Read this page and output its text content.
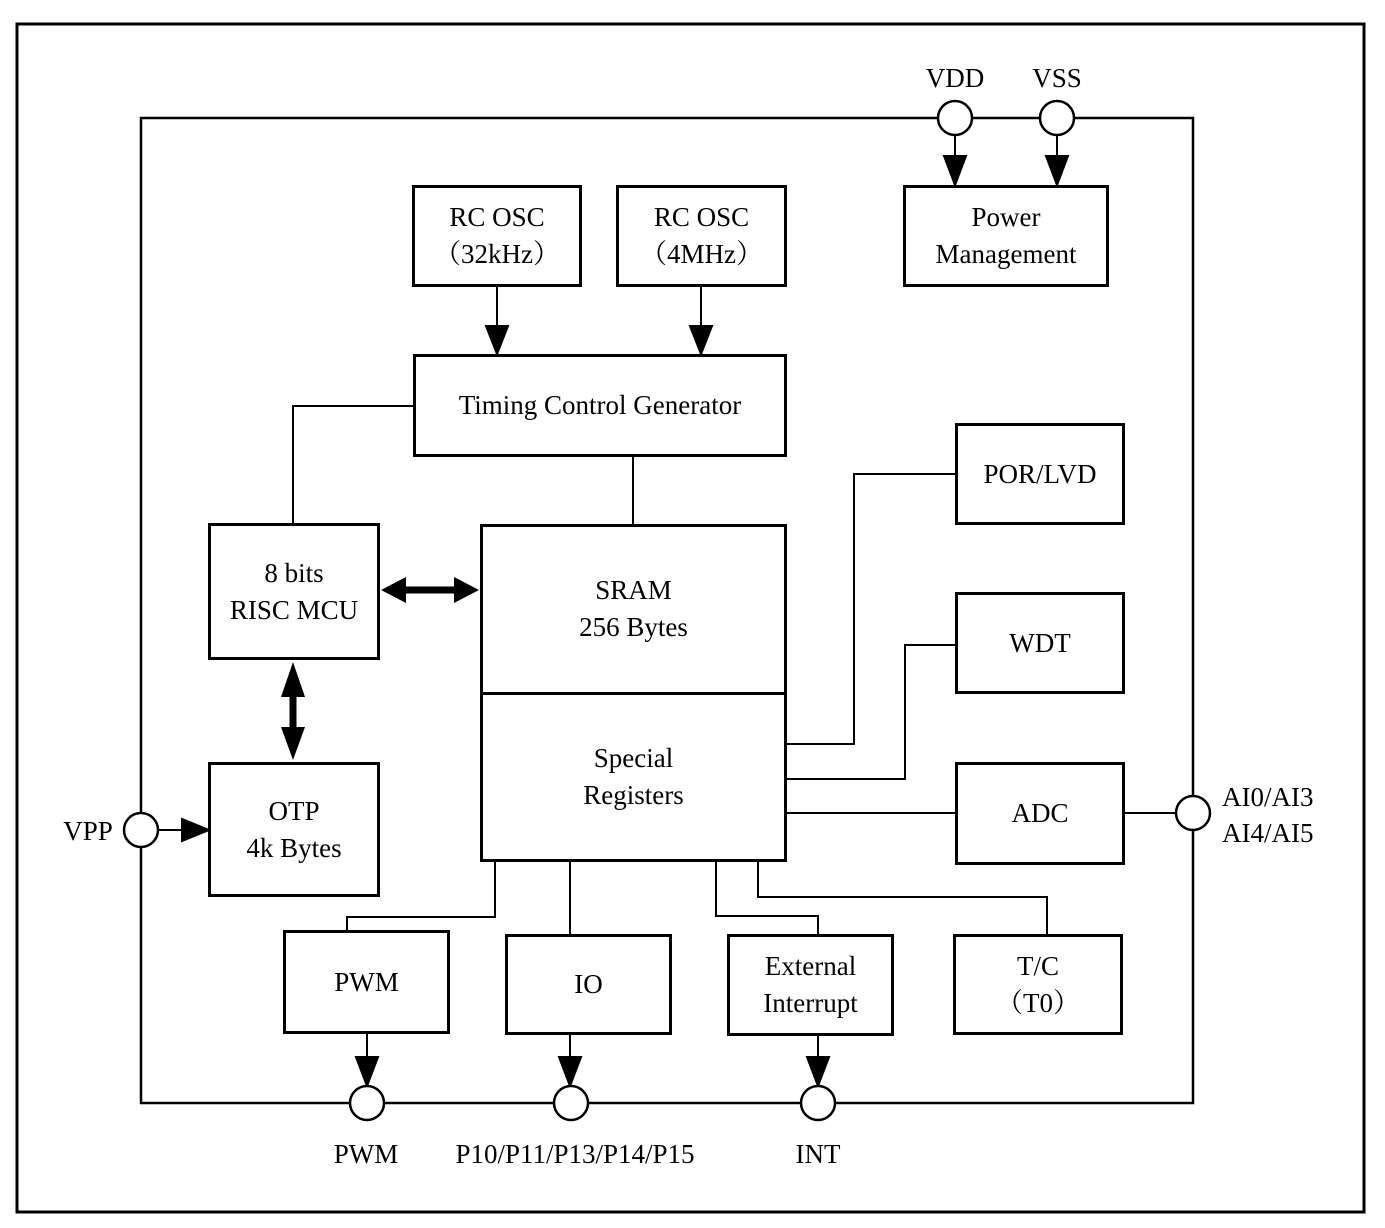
RC OSC
（32kHz）
RC OSC
（4MHz）
Power
Management
Timing Control Generator
POR/LVD
8 bits
RISC MCU
SRAM
256 Bytes
Special
Registers
WDT
OTP
4k Bytes
ADC
PWM	IO
External
Interrupt
T/C
（T0）
VDD VSS
VPP
AI0/AI3
AI4/AI5
PWM P10/P11/P13/P14/P15	INT
